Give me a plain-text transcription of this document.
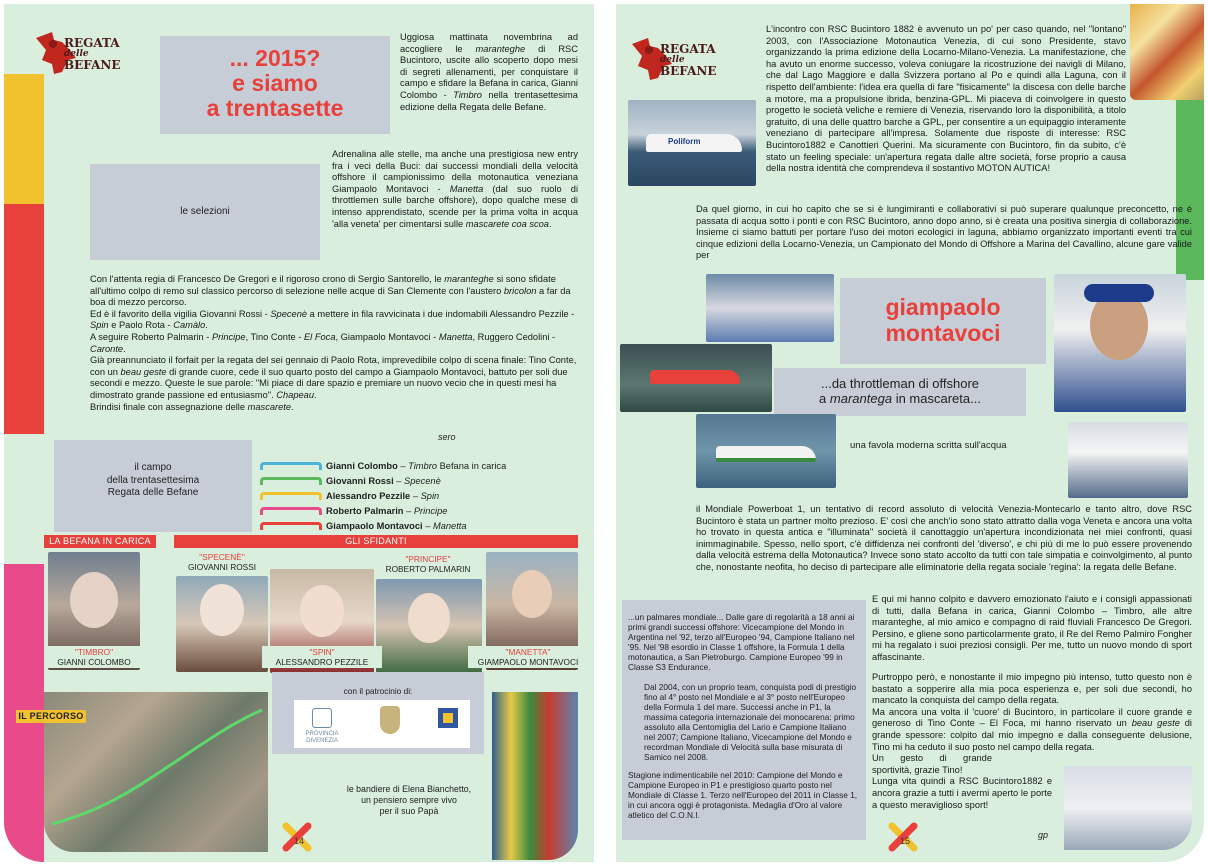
REGATA
delle
BEFANE	... 2015?
e siamo
a trentasette
Uggiosa mattinata novembrina ad accogliere le maranteghe di RSC Bucintoro, uscite allo scoperto dopo mesi di segreti allenamenti, per conquistare il campo e sfidare la Befana in carica, Gianni Colombo - Timbro nella trentasettesima edizione della Regata delle Befane.
Adrenalina alle stelle, ma anche una prestigiosa new entry fra i veci della Buci: dai successi mondiali della velocità offshore il campionissimo della motonautica veneziana Giampaolo Montavoci - Manetta (dal suo ruolo di throttlemen sulle barche offshore), dopo qualche mese di intenso apprendistato, scende per la prima volta in acqua 'alla veneta' per cimentarsi sulle mascarete coa scoa.
le selezioni

Con l'attenta regia di Francesco De Gregori e il rigoroso crono di Sergio Santorello, le maranteghe si sono sfidate all'ultimo colpo di remo sul classico percorso di selezione nelle acque di San Clemente con l'austero bricolon a far da boa di mezzo percorso.

Ed è il favorito della vigilia Giovanni Rossi - Specenè a mettere in fila ravvicinata i due indomabili Alessandro Pezzile - Spin e Paolo Rota - Camàlo.

A seguire Roberto Palmarin - Principe, Tino Conte - El Foca, Giampaolo Montavoci - Manetta, Ruggero Cedolini - Caronte.

Già preannunciato il forfait per la regata del sei gennaio di Paolo Rota, imprevedibile colpo di scena finale: Tino Conte, con un beau geste di grande cuore, cede il suo quarto posto del campo a Giampaolo Montavoci, battuto per soli due secondi e mezzo. Queste le sue parole: "Mi piace di dare spazio e premiare un nuovo vecio che in questi mesi ha dimostrato grande passione ed entusiasmo". Chapeau.

Brindisi finale con assegnazione delle mascarete.

sero
il campo
della trentasettesima
Regata delle Befane
Gianni Colombo – Timbro Befana in carica
Giovanni Rossi – Specenè
Alessandro Pezzile – Spin
Roberto Palmarin – Principe
Giampaolo Montavoci – Manetta
LA BEFANA IN CARICA	GLI SFIDANTI
"TIMBRO"
GIANNI COLOMBO
"SPECENÈ"
GIOVANNI ROSSI
"SPIN"
ALESSANDRO PEZZILE
"PRINCIPE"
ROBERTO PALMARIN
"MANETTA"
GIAMPAOLO MONTAVOCI
IL PERCORSO
con il patrocinio di:
PROVINCIA
DIVENEZIA
le bandiere di Elena Bianchetto,
un pensiero sempre vivo
per il suo Papà
14
REGATA
delle
BEFANE
L'incontro con RSC Bucintoro 1882 è avvenuto un po' per caso quando, nel "lontano" 2003, con l'Associazione Motonautica Venezia, di cui sono Presidente, stavo organizzando la prima edizione della Locarno-Milano-Venezia. La manifestazione, che ha avuto un enorme successo, voleva coniugare la ricostruzione dei navigli di Milano, che dal Lago Maggiore e dalla Svizzera portano al Po e quindi alla Laguna, con il rispetto dell'ambiente: l'idea era quella di fare "fisicamente" la discesa con delle barche a motore, ma a propulsione ibrida, benzina-GPL. Mi piaceva di coinvolgere in questo progetto le società veliche e remiere di Venezia, riservando loro la disponibilità, a titolo gratuito, di una delle quattro barche a GPL, per consentire a un equipaggio interamente veneziano di partecipare all'impresa. Solamente due risposte di interesse: RSC Bucintoro1882 e Canottieri Querini. Ma sicuramente con Bucintoro, fin da subito, c'è stato un feeling speciale: un'apertura regata dalle altre società, forse proprio a causa della nostra identità che comprendeva il sostantivo MOTON AUTICA!
Poliform
Da quel giorno, in cui ho capito che se si è lungimiranti e collaborativi si può superare qualunque preconcetto, ne è passata di acqua sotto i ponti e con RSC Bucintoro, anno dopo anno, si è creata una positiva sinergia di collaborazione. Insieme ci siamo battuti per portare l'uso dei motori ecologici in laguna, abbiamo organizzato importanti eventi tra cui cinque edizioni della Locarno-Venezia, un Campionato del Mondo di Offshore a Marina del Cavallino, alcune gare valide per
giampaolo
montavoci
...da throttleman di offshore
a marantega in mascareta...
una favola moderna scritta sull'acqua
il Mondiale Powerboat 1, un tentativo di record assoluto di velocità Venezia-Montecarlo e tanto altro, dove RSC Bucintoro è stata un partner molto prezioso. E' così che anch'io sono stato attratto dalla voga Veneta e ancora una volta ho trovato in questa antica e "illuminata" società il canottaggio un'apertura incondizionata nei miei confronti, quasi inimmaginabile. Spesso, nello sport, c'è diffidenza nei confronti del 'diverso', e chi più di me lo può essere provenendo dalla velocità estrema della Motonautica? Invece sono stato accolto da tutti con tale simpatia e coinvolgimento, al punto che, nonostante neofita, ho deciso di partecipare alle eliminatorie della regata sociale 'regina': la regata delle Befane.
...un palmares mondiale... Dalle gare di regolarità a 18 anni ai primi grandi successi offshore: Vicecampione del Mondo in Argentina nel '92, terzo all'Europeo '94, Campione Italiano nel '95. Nel '98 esordio in Classe 1 offshore, la Formula 1 della motonautica, a San Pietroburgo. Campione Europeo '99 in Classe S3 Endurance.
Dal 2004, con un proprio team, conquista podi di prestigio fino al 4° posto nel Mondiale e al 3° posto nell'Europeo della Formula 1 del mare. Successi anche in P1, la massima categoria internazionale dei monocarena: primo assoluto alla Centomiglia del Lario e Campione Italiano nel 2007; Campione Italiano, Vicecampione del Mondo e recordman Mondiale di Velocità sulla base misurata di Samico nel 2008.
Stagione indimenticabile nel 2010: Campione del Mondo e Campione Europeo in P1 e prestigioso quarto posto nel Mondiale di Classe 1. Terzo nell'Europeo del 2011 in Classe 1, in cui ancora oggi è protagonista. Medaglia d'Oro al valore atletico del C.O.N.I.
E qui mi hanno colpito e davvero emozionato l'aiuto e i consigli appassionati di tutti, dalla Befana in carica, Gianni Colombo – Timbro, alle altre maranteghe, al mio amico e compagno di raid fluviali Francesco De Gregori. Persino, e gliene sono particolarmente grato, il Re del Remo Palmiro Fongher mi ha regalato i suoi preziosi consigli. Per me, tutto un nuovo mondo di sport affascinante.

Purtroppo però, e nonostante il mio impegno più intenso, tutto questo non è bastato a sopperire alla mia poca esperienza e, per soli due secondi, ho mancato la conquista del campo della regata.

Ma ancora una volta il 'cuore' di Bucintoro, in particolare il cuore grande e generoso di Tino Conte – El Foca, mi hanno riservato un beau geste di grande spessore: colpito dal mio impegno e dalla conseguente delusione, Tino mi ha ceduto il suo posto nel campo della regata.

Un gesto di grande sportività, grazie Tino!

Lunga vita quindi a RSC Bucintoro1882 e ancora grazie a tutti i avermi aperto le porte a questo meraviglioso sport!

15
gp
